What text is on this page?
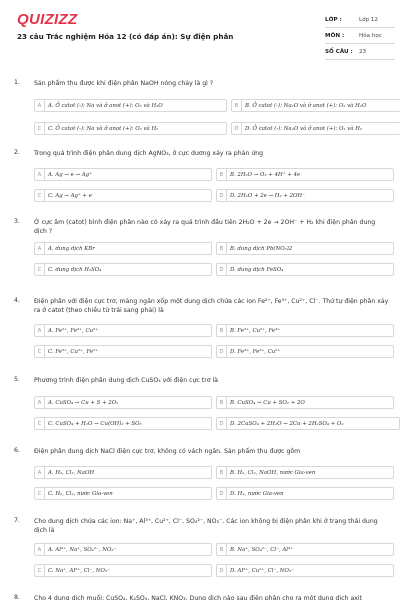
QUIZIZZ
23 câu Trắc nghiệm Hóa 12 (có đáp án): Sự điện phân
LỚP :	Lớp 12
MÔN :	Hóa học
SỐ CÂU :	23
1. Sản phẩm thu được khi điện phân NaOH nóng chảy là gì ?
A	A. Ở catot (-): Na và ở anot (+): O₂ và H₂O	B	B. Ở catot (-): Na₂O và ở anot (+): O₂ và H₂O
C	C. Ở catot (-): Na và ở anot (+): O₂ và H₂	D	D. Ở catot (-): Na₂O và ở anot (+): O₂ và H₂
2. Trong quá trình điện phân dung dịch AgNO₃, ở cực dương xảy ra phản ứng
A	A. Ag → e → Ag⁺	B	B. 2H₂O → O₂ + 4H⁺ + 4e
C	C. Ag → Ag⁺ + e	D	D. 2H₂O + 2e → H₂ + 2OH⁻
3. Ở cực âm (catot) bình điện phân nào có xảy ra quá trình đầu tiên 2H₂O + 2e → 2OH⁻ + H₂ khi điện phân dung dịch ?
A	A. dung dịch KBr	B	B. dung dịch Pb(NO₃)2
C	C. dung dịch H₂SO₄	D	D. dung dịch FeSO₄
4. Điện phân với điện cực trơ, màng ngăn xốp một dung dịch chứa các ion Fe²⁺, Fe³⁺, Cu²⁺, Cl⁻. Thứ tự điện phân xảy ra ở catot (theo chiều từ trái sang phải) là
A	A. Fe²⁺, Fe³⁺, Cu²⁺	B	B. Fe²⁺, Cu²⁺, Fe³⁺
C	C. Fe³⁺, Cu²⁺, Fe²⁺	D	D. Fe³⁺, Fe²⁺, Cu²⁺
5. Phương trình điện phân dung dịch CuSO₄ với điện cực trơ là
A	A. CuSO₄ → Cu + S + 2O₂	B	B. CuSO₄ → Cu + SO₂ + 2O
C	C. CuSO₄ + H₂O → Cu(OH)₂ + SO₃	D	D. 2CuSO₄ + 2H₂O → 2Cu + 2H₂SO₄ + O₂
6. Điện phân dung dịch NaCl điện cực trơ, không có vách ngăn. Sản phẩm thu được gồm
A	A. H₂, Cl₂, NaOH	B	B. H₂, Cl₂, NaOH, nước Gia-ven
C	C. H₂, Cl₂, nước Gia-ven	D	D. H₂, nước Gia-ven
7. Cho dung dịch chứa các ion: Na⁺, Al³⁺, Cu²⁺, Cl⁻, SO₄²⁻, NO₃⁻. Các ion không bị điện phân khi ở trạng thái dung dịch là
A	A. Al³⁺, Na⁺, SO₄²⁻, NO₃⁻	B	B. Na⁺, SO₄²⁻, Cl⁻, Al³⁺
C	C. Na⁺, Al³⁺, Cl⁻, NO₃⁻	D	D. Al³⁺, Cu²⁺, Cl⁻, NO₃⁻
8. Cho 4 dung dịch muối: CuSO₄, K₂SO₄, NaCl, KNO₃. Dung dịch nào sau điện phân cho ra một dung dịch axit
